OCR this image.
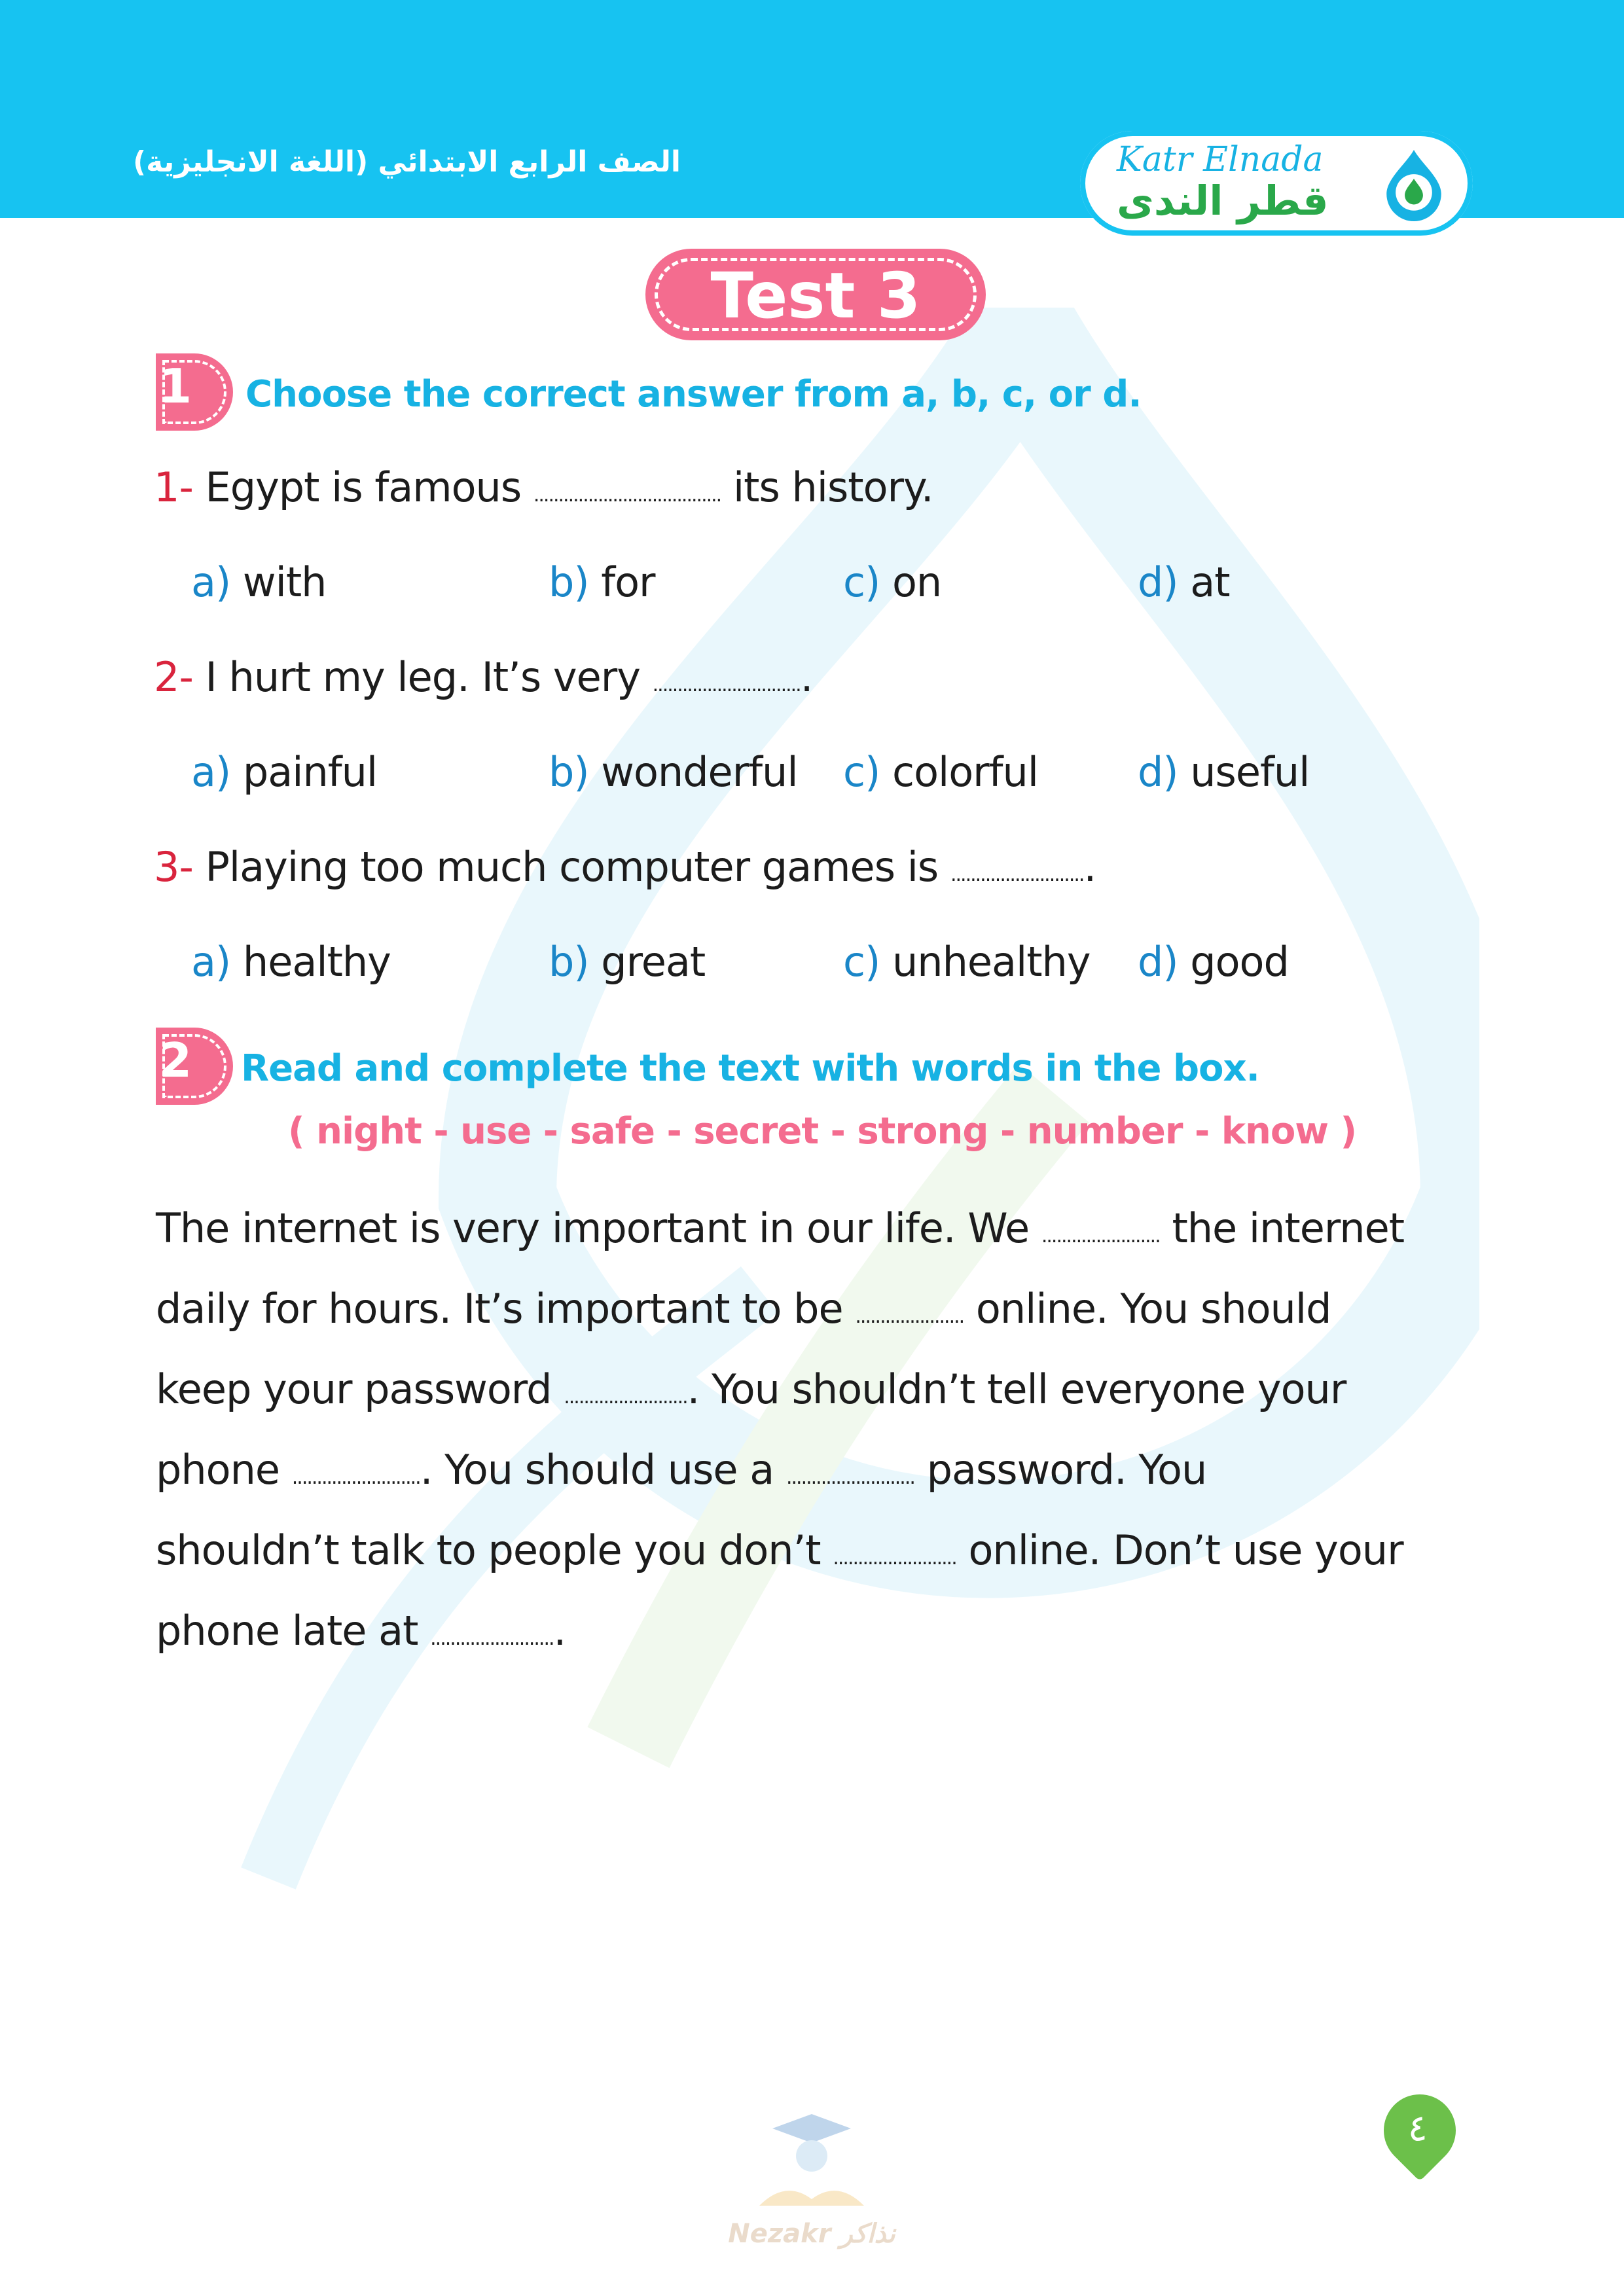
الصف الرابع الابتدائي (اللغة الانجليزية)	Katr Elnada
قطر الندى
Test 3
1 Choose the correct answer from a, b, c, or d.
1- Egypt is famous ...................................... its history.
a) with	b) for	c) on	d) at
2- I hurt my leg. It’s very ...............................
a) painful	b) wonderful c) colorful d) useful
3- Playing too much computer games is ............................
a) healthy	b) great	c) unhealthy d) good
2 Read and complete the text with words in the box.
( night - use - safe - secret - strong - number - know )
The internet is very important in our life. We ........................ the internet
daily for hours. It’s important to be ...................... online. You should
keep your password .......................... You shouldn’t tell everyone your
phone ........................... You should use a .......................... password. You
shouldn’t talk to people you don’t ......................... online. Don’t use your
phone late at ..........................
Nezakr نذاكر
٤
